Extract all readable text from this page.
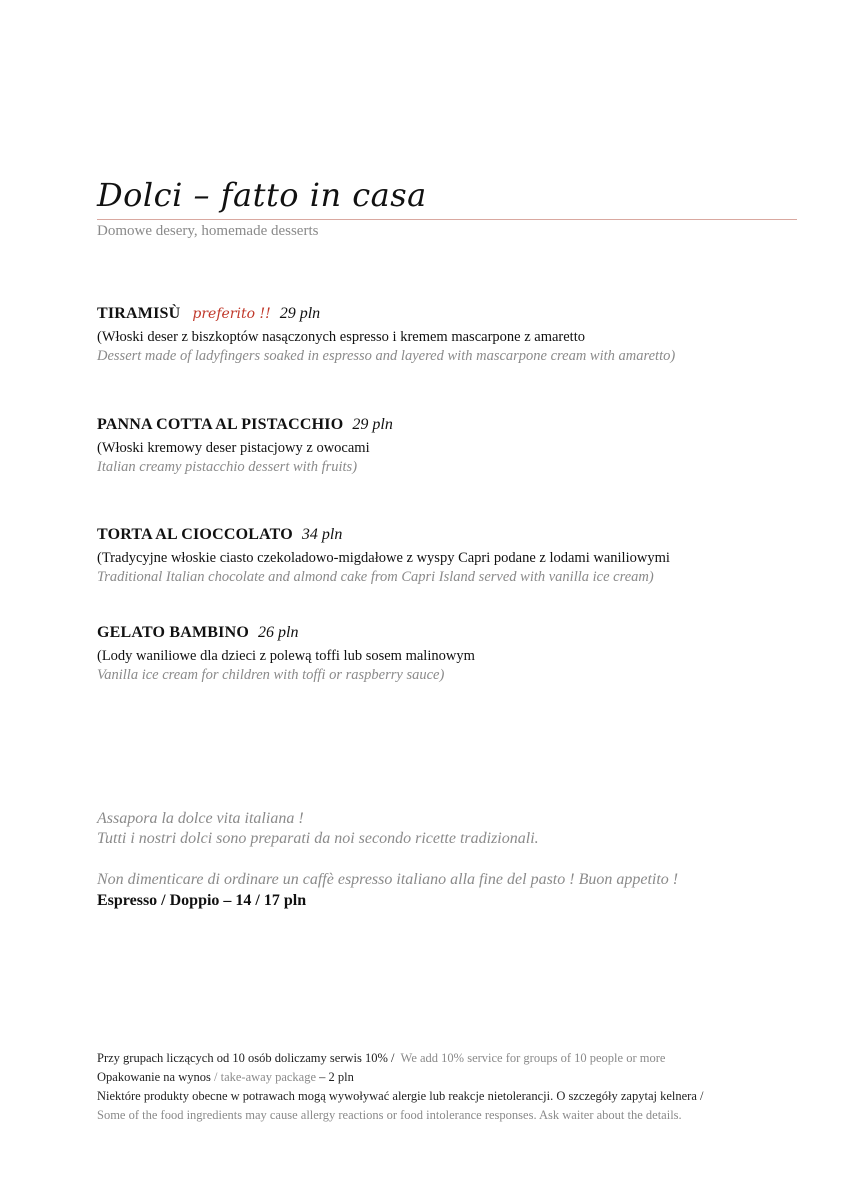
Dolci – fatto in casa
Domowe desery, homemade desserts
TIRAMISÙ preferito !! 29 pln
(Włoski deser z biszkoptów nasączonych espresso i kremem mascarpone z amaretto
Dessert made of ladyfingers soaked in espresso and layered with mascarpone cream with amaretto)
PANNA COTTA AL PISTACCHIO 29 pln
(Włoski kremowy deser pistacjowy z owocami
Italian creamy pistacchio dessert with fruits)
TORTA AL CIOCCOLATO 34 pln
(Tradycyjne włoskie ciasto czekoladowo-migdałowe z wyspy Capri podane z lodami waniliowymi
Traditional Italian chocolate and almond cake from Capri Island served with vanilla ice cream)
GELATO BAMBINO 26 pln
(Lody waniliowe dla dzieci z polewą toffi lub sosem malinowym
Vanilla ice cream for children with toffi or raspberry sauce)
Assapora la dolce vita italiana !
Tutti i nostri dolci sono preparati da noi secondo ricette tradizionali.
Non dimenticare di ordinare un caffè espresso italiano alla fine del pasto ! Buon appetito !
Espresso / Doppio – 14 / 17 pln
Przy grupach liczących od 10 osób doliczamy serwis 10% / We add 10% service for groups of 10 people or more
Opakowanie na wynos / take-away package – 2 pln
Niektóre produkty obecne w potrawach mogą wywoływać alergie lub reakcje nietolerancji. O szczegóły zapytaj kelnera /
Some of the food ingredients may cause allergy reactions or food intolerance responses. Ask waiter about the details.
